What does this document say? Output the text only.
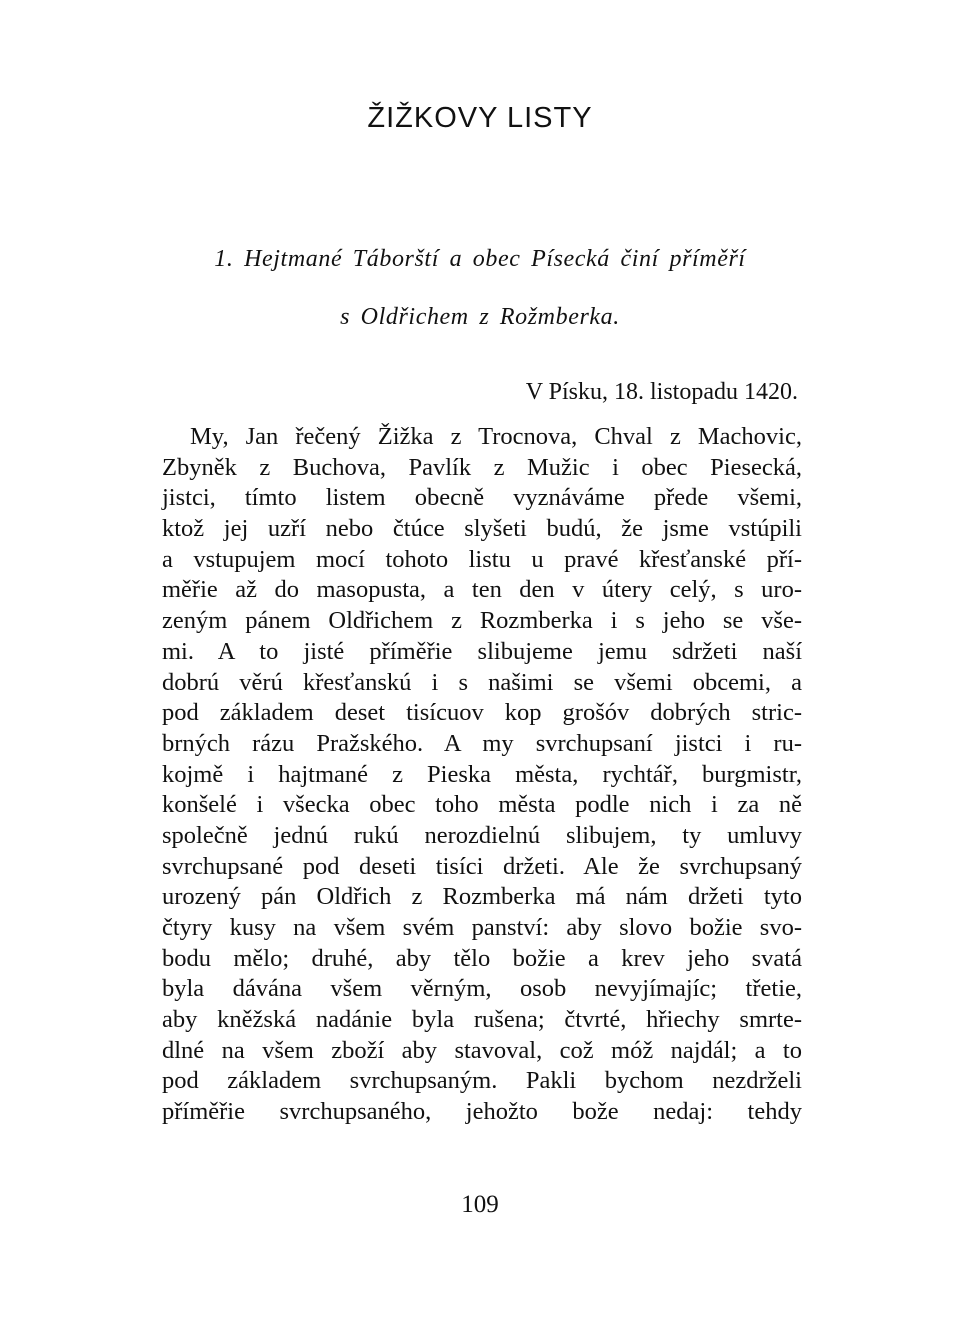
ŽIŽKOVY LISTY
1. Hejtmané Táborští a obec Písecká činí příměří
s Oldřichem z Rožmberka.
V Písku, 18. listopadu 1420.
My, Jan řečený Žižka z Trocnova, Chval z Machovic,
Zbyněk z Buchova, Pavlík z Mužic i obec Piesecká,
jistci, tímto listem obecně vyznáváme přede všemi,
ktož jej uzří nebo čtúce slyšeti budú, že jsme vstúpili
a vstupujem mocí tohoto listu u pravé křesťanské pří-
měřie až do masopusta, a ten den v útery celý, s uro-
zeným pánem Oldřichem z Rozmberka i s jeho se vše-
mi. A to jisté příměřie slibujeme jemu sdržeti naší
dobrú věrú křesťanskú i s našimi se všemi obcemi, a
pod základem deset tisícuov kop grošóv dobrých stric-
brných rázu Pražského. A my svrchupsaní jistci i ru-
kojmě i hajtmané z Pieska města, rychtář, burgmistr,
konšelé i všecka obec toho města podle nich i za ně
společně jednú rukú nerozdielnú slibujem, ty umluvy
svrchupsané pod deseti tisíci držeti. Ale že svrchupsaný
urozený pán Oldřich z Rozmberka má nám držeti tyto
čtyry kusy na všem svém panství: aby slovo božie svo-
bodu mělo; druhé, aby tělo božie a krev jeho svatá
byla dávána všem věrným, osob nevyjímajíc; třetie,
aby kněžská nadánie byla rušena; čtvrté, hřiechy smrte-
dlné na všem zboží aby stavoval, což móž najdál; a to
pod základem svrchupsaným. Pakli bychom nezdrželi
příměřie svrchupsaného, jehožto bože nedaj: tehdy
109
